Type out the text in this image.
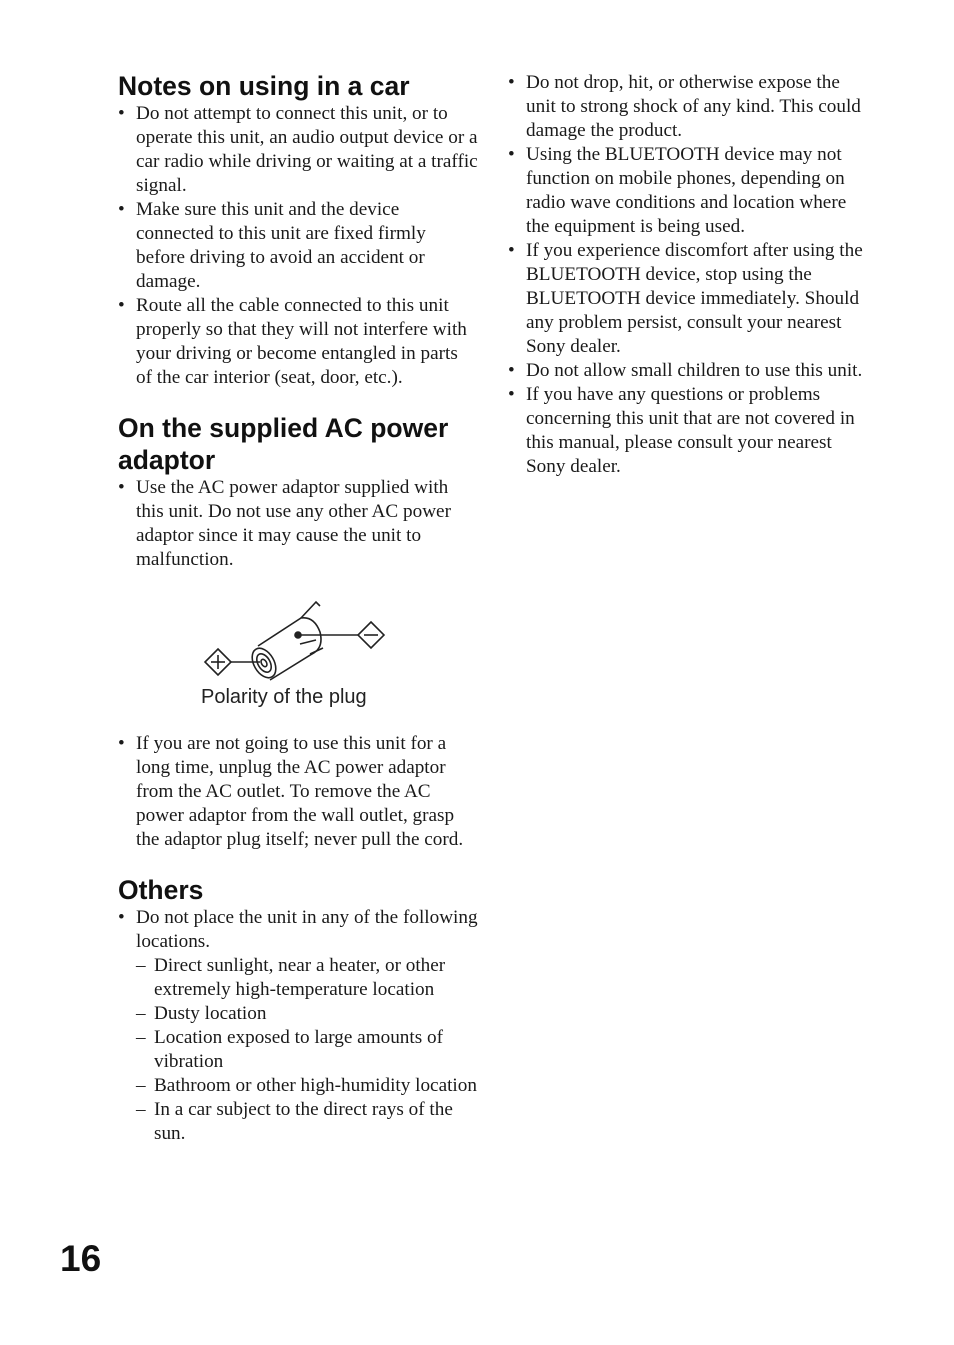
Notes on using in a car
• Do not attempt to connect this unit, or to operate this unit, an audio output device or a car radio while driving or waiting at a traffic signal.
• Make sure this unit and the device connected to this unit are fixed firmly before driving to avoid an accident or damage.
• Route all the cable connected to this unit properly so that they will not interfere with your driving or become entangled in parts of the car interior (seat, door, etc.).
On the supplied AC power adaptor
• Use the AC power adaptor supplied with this unit. Do not use any other AC power adaptor since it may cause the unit to malfunction.
Polarity of the plug
• If you are not going to use this unit for a long time, unplug the AC power adaptor from the AC outlet. To remove the AC power adaptor from the wall outlet, grasp the adaptor plug itself; never pull the cord.
Others
• Do not place the unit in any of the following locations.
– Direct sunlight, near a heater, or other extremely high-temperature location
– Dusty location
– Location exposed to large amounts of vibration
– Bathroom or other high-humidity location
– In a car subject to the direct rays of the sun.
• Do not drop, hit, or otherwise expose the unit to strong shock of any kind. This could damage the product.
• Using the BLUETOOTH device may not function on mobile phones, depending on radio wave conditions and location where the equipment is being used.
• If you experience discomfort after using the BLUETOOTH device, stop using the BLUETOOTH device immediately. Should any problem persist, consult your nearest Sony dealer.
• Do not allow small children to use this unit.
• If you have any questions or problems concerning this unit that are not covered in this manual, please consult your nearest Sony dealer.
16
